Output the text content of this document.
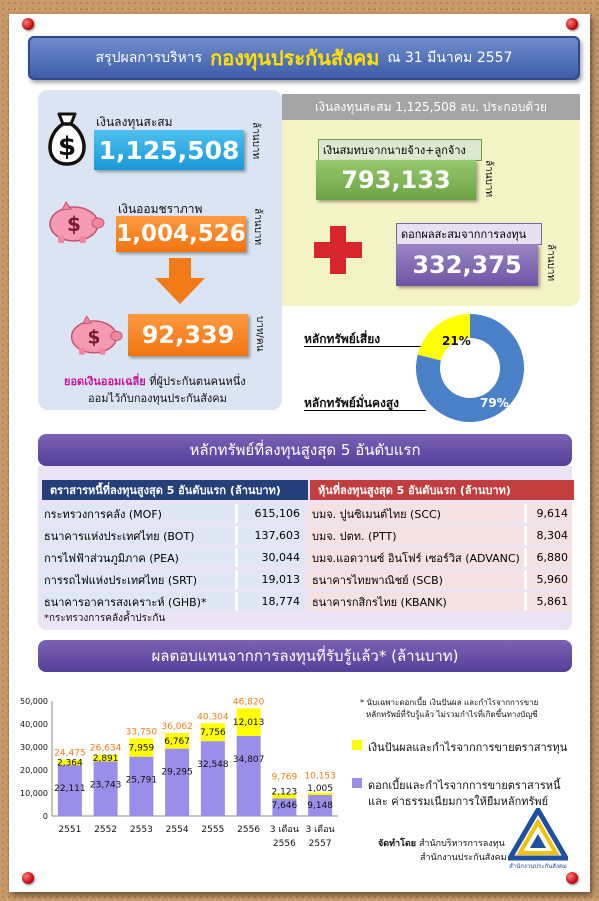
สรุปผลการบริหาร กองทุนประกันสังคม ณ 31 มีนาคม 2557
$
เงินลงทุนสะสม
1,125,508	ล้านบาท
$
เงินออมชราภาพ
1,004,526 ล้านบาท
$	92,339	บาท/คน
ยอดเงินออมเฉลี่ย ที่ผู้ประกันตนคนหนึ่ง
ออมไว้กับกองทุนประกันสังคม
เงินลงทุนสะสม 1,125,508 ลบ. ประกอบด้วย
เงินสมทบจากนายจ้าง+ลูกจ้าง
793,133	ล้านบาท
ดอกผลสะสมจากการลงทุน
332,375	ล้านบาท
หลักทรัพย์เสี่ยง
หลักทรัพย์มั่นคงสูง
21%
79%
หลักทรัพย์ที่ลงทุนสูงสุด 5 อันดับแรก
ตราสารหนี้ที่ลงทุนสูงสุด 5 อันดับแรก (ล้านบาท)
กระทรวงการคลัง (MOF)	615,106
ธนาคารแห่งประเทศไทย (BOT)	137,603
การไฟฟ้าส่วนภูมิภาค (PEA)	30,044
การรถไฟแห่งประเทศไทย (SRT)	19,013
ธนาคารอาคารสงเคราะห์ (GHB)*	18,774
*กระทรวงการคลังค้ำประกัน
หุ้นที่ลงทุนสูงสุด 5 อันดับแรก (ล้านบาท)
บมจ. ปูนซิเมนต์ไทย (SCC)	9,614
บมจ. ปตท. (PTT)	8,304
บมจ.แอดวานซ์ อินโฟร์ เซอร์วิส (ADVANC)	6,880
ธนาคารไทยพาณิชย์ (SCB)	5,960
ธนาคารกสิกรไทย (KBANK)	5,861
ผลตอบแทนจากการลงทุนที่รับรู้แล้ว* (ล้านบาท)
0
10,000
20,000
30,000
40,000
50,000
22,111
2,364
24,475
2551
23,743
2,891
26,634
2552
25,791
7,959
33,750
2553
29,295
6,767
36,062
2554
32,548
7,756
40,304
2555
34,807
12,013
46,820
2556
7,646
2,123
9,769
3 เดือน
2556
9,148
1,005
10,153
3 เดือน
2557
* นับเฉพาะดอกเบี้ย เงินปันผล และกำไรจากการขาย
หลักทรัพย์ที่รับรู้แล้ว ไม่รวมกำไรที่เกิดขึ้นทางบัญชี
เงินปันผลและกำไรจากการขายตราสารทุน
ดอกเบี้ยและกำไรจากการขายตราสารหนี้
และ ค่าธรรมเนียมการให้ยืมหลักทรัพย์
จัดทำโดย สำนักบริหารการลงทุน
สำนักงานประกันสังคม
สำนักงานประกันสังคม
